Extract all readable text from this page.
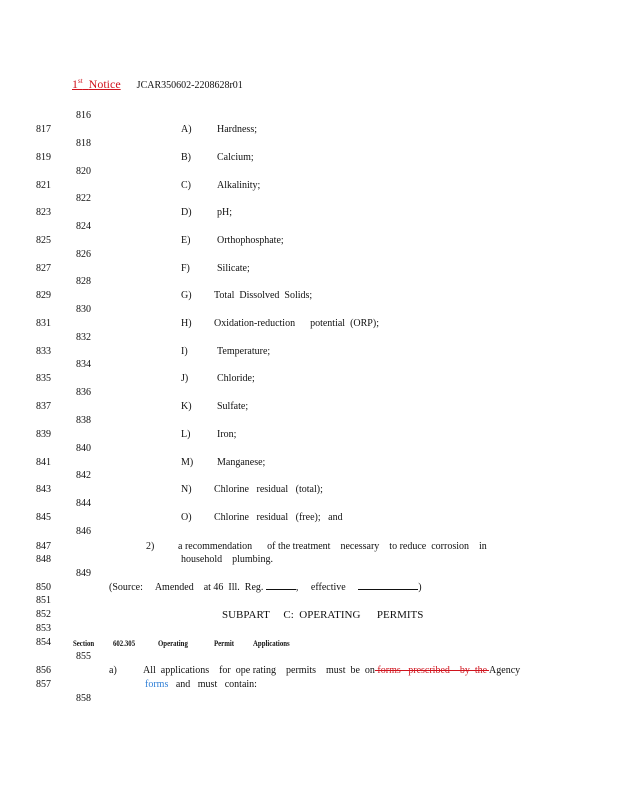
1st Notice JCAR350602-2208628r01
817
819
821
823
825
827
829
831
833
835
837
839
841
843
845
847
848
850
851
852
853
854
856
857
816
818
820
822
824
826
828
830
832
834
836
838
840
842
844
846
849
855
858
A)	Hardness;
B)	Calcium;
C)	Alkalinity;
D)	pH;
E)	Orthophosphate;
F)	Silicate;
G) Total  Dissolved  Solids;
H) Oxidation-reduction      potential  (ORP);
I)	Temperature;
J)	Chloride;
K)	Sulfate;
L)	Iron;
M) Manganese;
N) Chlorine   residual   (total);
O) Chlorine   residual   (free);   and
2) a recommendation      of the treatment    necessary    to reduce  corrosion    in
household    plumbing.
(Source:     Amended    at 46  Ill.  Reg.	,     effective	)
SUBPART     C:  OPERATING      PERMITS
Section 602.305	Operating	Permit Applications
a)	All  applications    for  ope rating    permits    must  be  on forms   prescribed    by  the Agency
forms   and   must   contain:
